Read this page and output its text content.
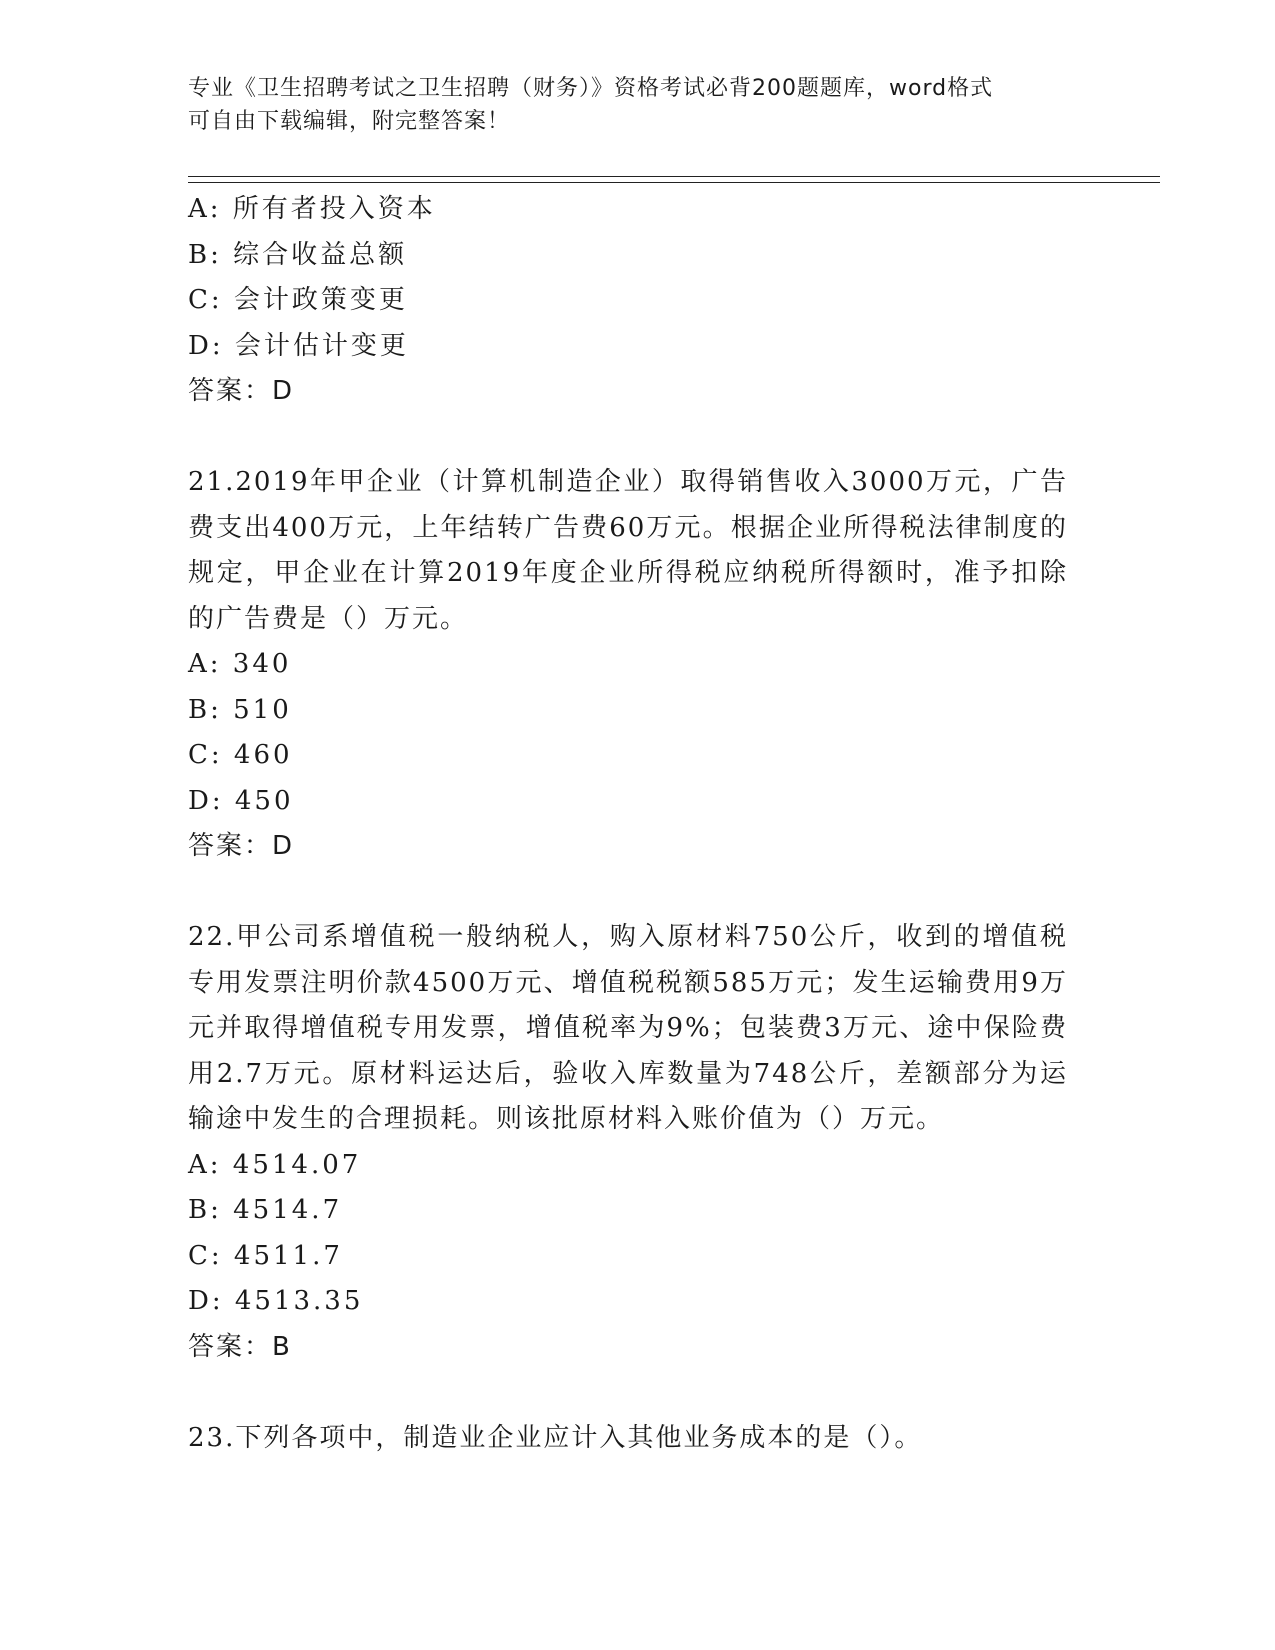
专业《卫生招聘考试之卫生招聘（财务）》资格考试必背200题题库，word格式
可自由下载编辑，附完整答案！
A: 所有者投入资本
B: 综合收益总额
C: 会计政策变更
D: 会计估计变更
答案：D
21.2019年甲企业（计算机制造企业）取得销售收入3000万元，广告费支出400万元，上年结转广告费60万元。根据企业所得税法律制度的规定，甲企业在计算2019年度企业所得税应纳税所得额时，准予扣除的广告费是（）万元。
A: 340
B: 510
C: 460
D: 450
答案：D
22.甲公司系增值税一般纳税人，购入原材料750公斤，收到的增值税专用发票注明价款4500万元、增值税税额585万元；发生运输费用9万元并取得增值税专用发票，增值税率为9%；包装费3万元、途中保险费用2.7万元。原材料运达后，验收入库数量为748公斤，差额部分为运输途中发生的合理损耗。则该批原材料入账价值为（）万元。
A: 4514.07
B: 4514.7
C: 4511.7
D: 4513.35
答案：B
23.下列各项中，制造业企业应计入其他业务成本的是（）。
